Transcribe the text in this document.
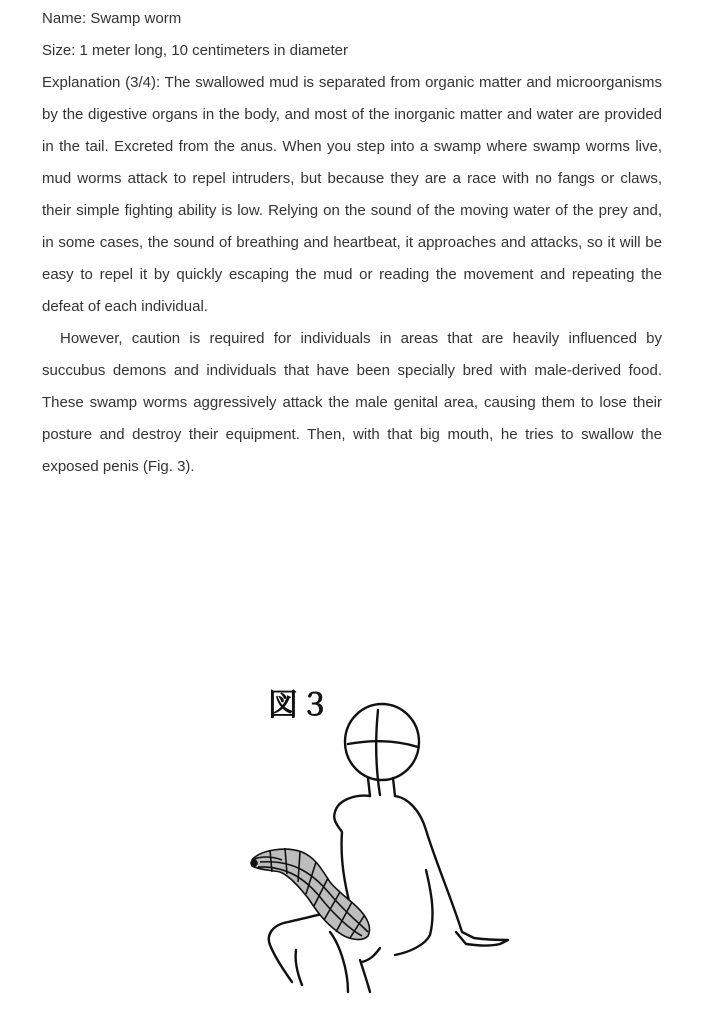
Name: Swamp worm

Size: 1 meter long, 10 centimeters in diameter

Explanation (3/4): The swallowed mud is separated from organic matter and microorganisms by the digestive organs in the body, and most of the inorganic matter and water are provided in the tail. Excreted from the anus. When you step into a swamp where swamp worms live, mud worms attack to repel intruders, but because they are a race with no fangs or claws, their simple fighting ability is low. Relying on the sound of the moving water of the prey and, in some cases, the sound of breathing and heartbeat, it approaches and attacks, so it will be easy to repel it by quickly escaping the mud or reading the movement and repeating the defeat of each individual.

However, caution is required for individuals in areas that are heavily influenced by succubus demons and individuals that have been specially bred with male-derived food. These swamp worms aggressively attack the male genital area, causing them to lose their posture and destroy their equipment. Then, with that big mouth, he tries to swallow the exposed penis (Fig. 3).

図３
